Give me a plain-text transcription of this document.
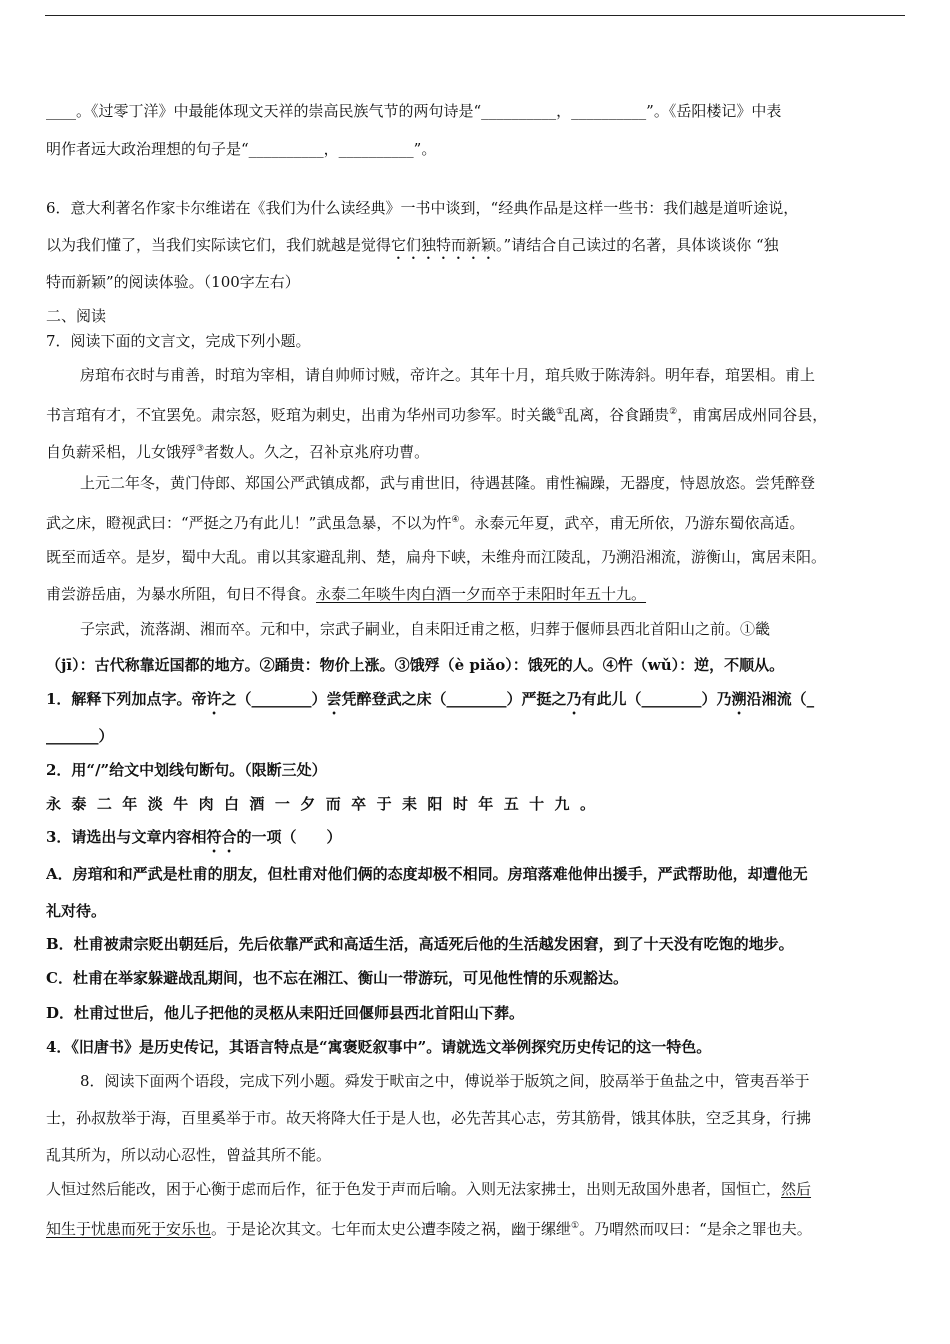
____。《过零丁洋》中最能体现文天祥的崇高民族气节的两句诗是“__________，__________”。《岳阳楼记》中表
明作者远大政治理想的句子是“__________，__________”。
6．意大利著名作家卡尔维诺在《我们为什么读经典》一书中谈到，“经典作品是这样一些书：我们越是道听途说，
以为我们懂了，当我们实际读它们，我们就越是觉得它们独特而新颖。”请结合自己读过的名著，具体谈谈你 “独
特而新颖”的阅读体验。（100字左右）
二、阅读
7．阅读下面的文言文，完成下列小题。
房琯布衣时与甫善，时琯为宰相，请自帅师讨贼，帝许之。其年十月，琯兵败于陈涛斜。明年春，琯罢相。甫上
书言琯有才，不宜罢免。肃宗怒，贬琯为刺史，出甫为华州司功参军。时关畿①乱离，谷食踊贵②，甫寓居成州同谷县，
自负薪采梠，儿女饿殍③者数人。久之，召补京兆府功曹。
上元二年冬，黄门侍郎、郑国公严武镇成都，武与甫世旧，待遇甚隆。甫性褊躁，无器度，恃恩放恣。尝凭醉登
武之床，瞪视武曰：“严挺之乃有此儿！”武虽急暴，不以为忤④。永泰元年夏，武卒，甫无所依，乃游东蜀依高适。
既至而适卒。是岁，蜀中大乱。甫以其家避乱荆、楚，扁舟下峡，未维舟而江陵乱，乃溯沿湘流，游衡山，寓居耒阳。
甫尝游岳庙，为暴水所阻，旬日不得食。永泰二年啖牛肉白酒一夕而卒于耒阳时年五十九。
子宗武，流落湖、湘而卒。元和中，宗武子嗣业，自耒阳迁甫之柩，归葬于偃师县西北首阳山之前。①畿
（jī）：古代称靠近国都的地方。②踊贵：物价上涨。③饿殍（è piǎo）：饿死的人。④忤（wǔ）：逆，不顺从。
1．解释下列加点字。帝许之（________）尝凭醉登武之床（________）严挺之乃有此儿（________）乃溯沿湘流（_
_______）
2．用“/”给文中划线句断句。（限断三处）
永泰二年淡牛肉白酒一夕而卒于耒阳时年五十九。
3．请选出与文章内容相符合的一项（　　）
A．房琯和和严武是杜甫的朋友，但杜甫对他们俩的态度却极不相同。房琯落难他伸出援手，严武帮助他，却遭他无
礼对待。
B．杜甫被肃宗贬出朝廷后，先后依靠严武和高适生活，高适死后他的生活越发困窘，到了十天没有吃饱的地步。
C．杜甫在举家躲避战乱期间，也不忘在湘江、衡山一带游玩，可见他性情的乐观豁达。
D．杜甫过世后，他儿子把他的灵柩从耒阳迁回偃师县西北首阳山下葬。
4．《旧唐书》是历史传记，其语言特点是“寓褒贬叙事中”。请就选文举例探究历史传记的这一特色。
8．阅读下面两个语段，完成下列小题。舜发于畎亩之中，傅说举于版筑之间，胶鬲举于鱼盐之中，管夷吾举于
士，孙叔敖举于海，百里奚举于市。故天将降大任于是人也，必先苦其心志，劳其筋骨，饿其体肤，空乏其身，行拂
乱其所为，所以动心忍性，曾益其所不能。
人恒过然后能改，困于心衡于虑而后作，征于色发于声而后喻。入则无法家拂士，出则无敌国外患者，国恒亡，然后
知生于忧患而死于安乐也。于是论次其文。七年而太史公遭李陵之祸，幽于缧绁①。乃喟然而叹曰：“是余之罪也夫。
